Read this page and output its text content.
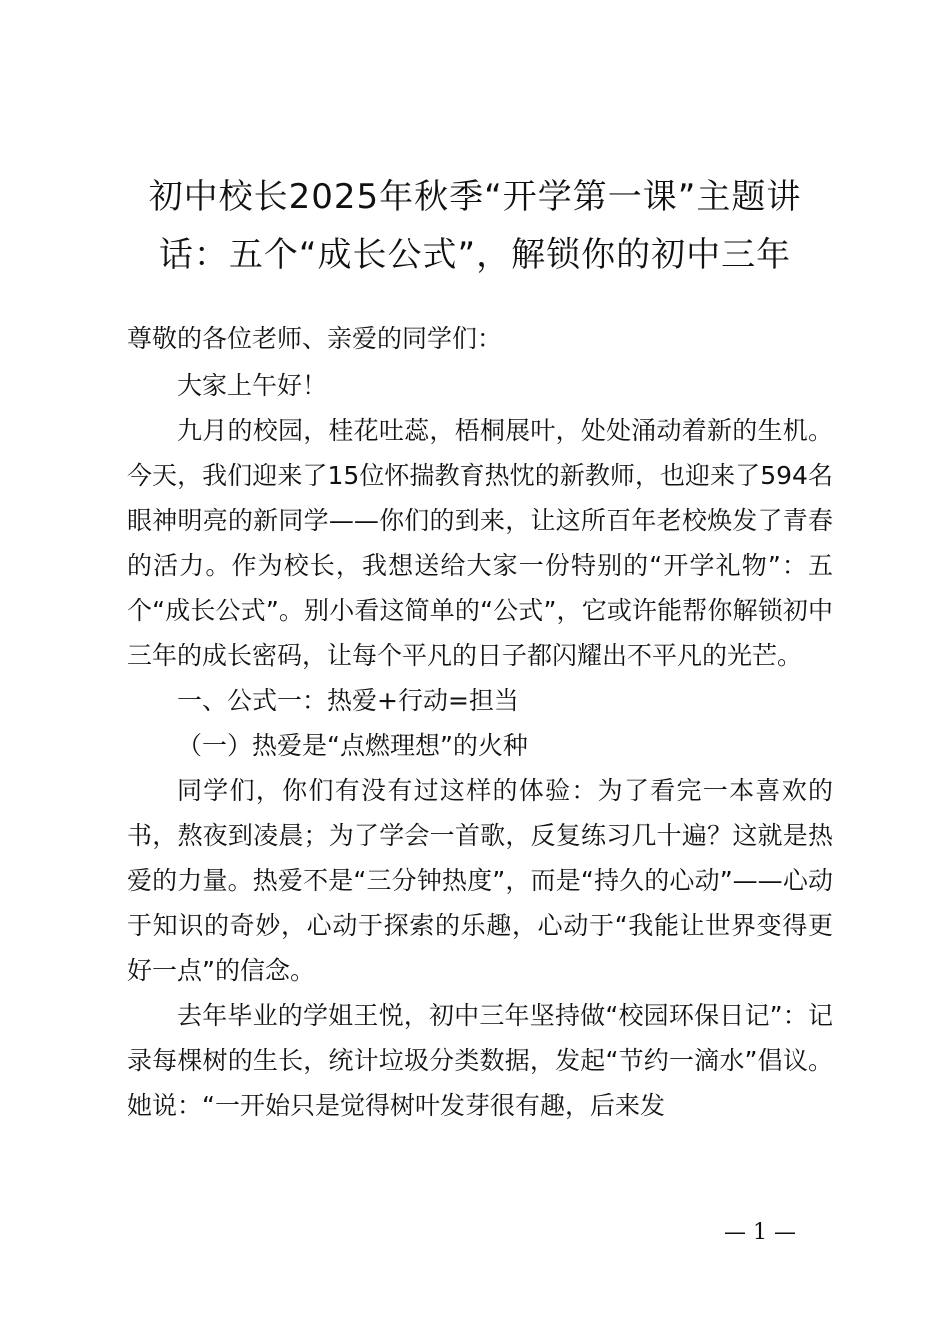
初中校长2025年秋季“开学第一课”主题讲
话：五个“成长公式”，解锁你的初中三年

尊敬的各位老师、亲爱的同学们：

大家上午好！

九月的校园，桂花吐蕊，梧桐展叶，处处涌动着新的生机。今天，我们迎来了15位怀揣教育热忱的新教师，也迎来了594名眼神明亮的新同学——你们的到来，让这所百年老校焕发了青春的活力。作为校长，我想送给大家一份特别的“开学礼物”：五个“成长公式”。别小看这简单的“公式”，它或许能帮你解锁初中三年的成长密码，让每个平凡的日子都闪耀出不平凡的光芒。

一、公式一：热爱+行动=担当

（一）热爱是“点燃理想”的火种

同学们，你们有没有过这样的体验：为了看完一本喜欢的书，熬夜到凌晨；为了学会一首歌，反复练习几十遍？这就是热爱的力量。热爱不是“三分钟热度”，而是“持久的心动”——心动于知识的奇妙，心动于探索的乐趣，心动于“我能让世界变得更好一点”的信念。

去年毕业的学姐王悦，初中三年坚持做“校园环保日记”：记录每棵树的生长，统计垃圾分类数据，发起“节约一滴水”倡议。她说：“一开始只是觉得树叶发芽很有趣，后来发

— 1 —
